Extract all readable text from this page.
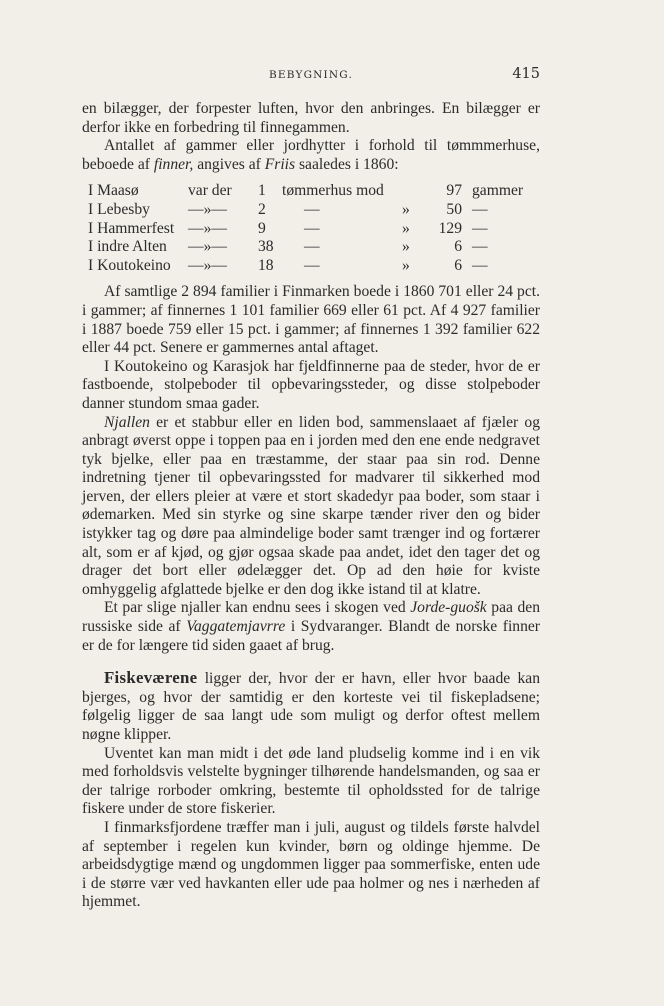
BEBYGNING.	415

en bilægger, der forpester luften, hvor den anbringes. En bilægger er derfor ikke en forbedring til finnegammen.

Antallet af gammer eller jordhytter i forhold til tømmmerhuse, beboede af finner, angives af Friis saaledes i 1860:

I Maasø	var der	1	tømmerhus mod		97	gammer
I Lebesby	—»—	2	—	»	50	—
I Hammerfest	—»—	9	—	»	129	—
I indre Alten	—»—	38	—	»	6	—
I Koutokeino	—»—	18	—	»	6	—

Af samtlige 2 894 familier i Finmarken boede i 1860 701 eller 24 pct. i gammer; af finnernes 1 101 familier 669 eller 61 pct. Af 4 927 familier i 1887 boede 759 eller 15 pct. i gammer; af finnernes 1 392 familier 622 eller 44 pct. Senere er gammernes antal aftaget.

I Koutokeino og Karasjok har fjeldfinnerne paa de steder, hvor de er fastboende, stolpeboder til opbevaringssteder, og disse stolpeboder danner stundom smaa gader.

Njallen er et stabbur eller en liden bod, sammenslaaet af fjæler og anbragt øverst oppe i toppen paa en i jorden med den ene ende nedgravet tyk bjelke, eller paa en træstamme, der staar paa sin rod. Denne indretning tjener til opbevaringssted for madvarer til sikkerhed mod jerven, der ellers pleier at være et stort skadedyr paa boder, som staar i ødemarken. Med sin styrke og sine skarpe tænder river den og bider istykker tag og døre paa almindelige boder samt trænger ind og fortærer alt, som er af kjød, og gjør ogsaa skade paa andet, idet den tager det og drager det bort eller ødelægger det. Op ad den høie for kviste omhyggelig afglattede bjelke er den dog ikke istand til at klatre.

Et par slige njaller kan endnu sees i skogen ved Jorde-guošk paa den russiske side af Vaggatemjavrre i Sydvaranger. Blandt de norske finner er de for længere tid siden gaaet af brug.

Fiskeværene ligger der, hvor der er havn, eller hvor baade kan bjerges, og hvor der samtidig er den korteste vei til fiskepladsene; følgelig ligger de saa langt ude som muligt og derfor oftest mellem nøgne klipper.

Uventet kan man midt i det øde land pludselig komme ind i en vik med forholdsvis velstelte bygninger tilhørende handelsmanden, og saa er der talrige rorboder omkring, bestemte til opholdssted for de talrige fiskere under de store fiskerier.

I finmarksfjordene træffer man i juli, august og tildels første halvdel af september i regelen kun kvinder, børn og oldinge hjemme. De arbeidsdygtige mænd og ungdommen ligger paa sommerfiske, enten ude i de større vær ved havkanten eller ude paa holmer og nes i nærheden af hjemmet.
